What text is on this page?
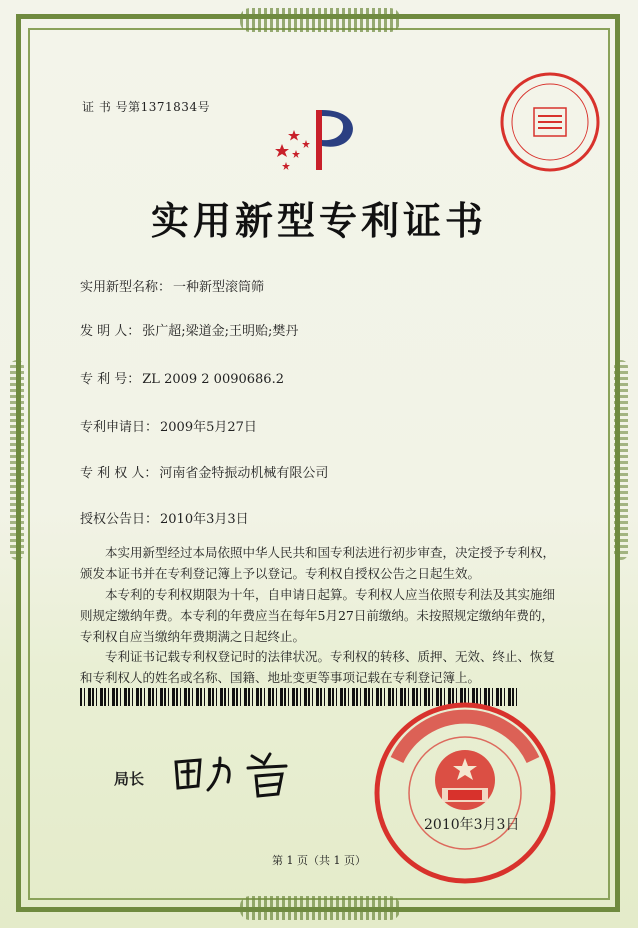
证 书 号第1371834号
实用新型专利证书
实用新型名称： 一种新型滚筒筛
发 明 人： 张广超;梁道金;王明贻;樊丹
专 利 号： ZL 2009 2 0090686.2
专利申请日： 2009年5月27日
专 利 权 人： 河南省金特振动机械有限公司
授权公告日： 2010年3月3日
本实用新型经过本局依照中华人民共和国专利法进行初步审查，决定授予专利权，颁发本证书并在专利登记簿上予以登记。专利权自授权公告之日起生效。
本专利的专利权期限为十年，自申请日起算。专利权人应当依照专利法及其实施细则规定缴纳年费。本专利的年费应当在每年5月27日前缴纳。未按照规定缴纳年费的，专利权自应当缴纳年费期满之日起终止。
专利证书记载专利权登记时的法律状况。专利权的转移、质押、无效、终止、恢复和专利权人的姓名或名称、国籍、地址变更等事项记载在专利登记簿上。
局长
2010年3月3日
第 1 页（共 1 页）
